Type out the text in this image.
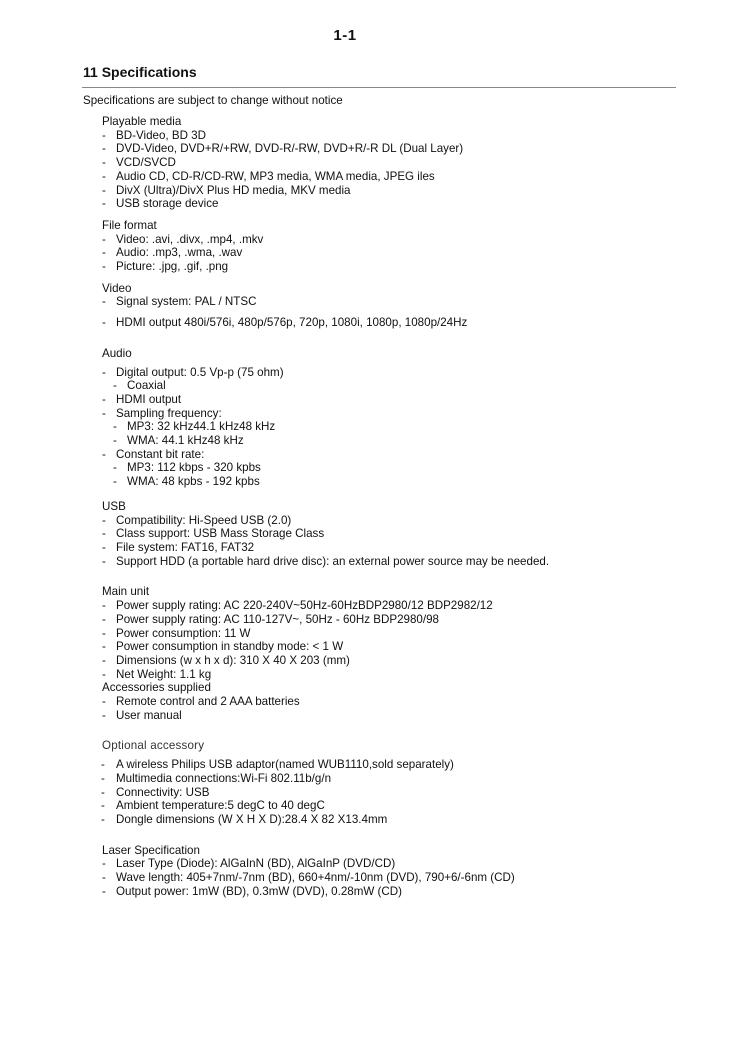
1-1
11 Specifications
Specifications are subject to change without notice
Playable media
- BD-Video, BD 3D
- DVD-Video, DVD+R/+RW, DVD-R/-RW, DVD+R/-R DL (Dual Layer)
- VCD/SVCD
- Audio CD, CD-R/CD-RW, MP3 media, WMA media, JPEG iles
- DivX (Ultra)/DivX Plus HD media, MKV media
- USB storage device
File format
- Video: .avi, .divx, .mp4, .mkv
- Audio: .mp3, .wma, .wav
- Picture: .jpg, .gif, .png
Video
- Signal system: PAL / NTSC
- HDMI output 480i/576i, 480p/576p, 720p, 1080i, 1080p, 1080p/24Hz
Audio
- Digital output: 0.5 Vp-p (75 ohm)
- Coaxial
- HDMI output
- Sampling frequency:
- MP3: 32 kHz44.1 kHz48 kHz
- WMA: 44.1 kHz48 kHz
- Constant bit rate:
- MP3: 112 kbps - 320 kpbs
- WMA: 48 kpbs - 192 kpbs
USB
- Compatibility: Hi-Speed USB (2.0)
- Class support: USB Mass Storage Class
- File system: FAT16, FAT32
- Support HDD (a portable hard drive disc): an external power source may be needed.
Main unit
- Power supply rating: AC 220-240V~50Hz-60HzBDP2980/12 BDP2982/12
- Power supply rating: AC 110-127V~, 50Hz - 60Hz BDP2980/98
- Power consumption: 11 W
- Power consumption in standby mode: < 1 W
- Dimensions (w x h x d): 310 X 40 X 203 (mm)
- Net Weight: 1.1 kg
Accessories supplied
- Remote control and 2 AAA batteries
- User manual
Optional accessory
- A wireless Philips USB adaptor(named WUB1110,sold separately)
- Multimedia connections:Wi-Fi 802.11b/g/n
- Connectivity: USB
- Ambient temperature:5 degC to 40 degC
- Dongle dimensions (W X H X D):28.4 X 82 X13.4mm
Laser Specification
- Laser Type (Diode): AlGaInN (BD), AlGaInP (DVD/CD)
- Wave length: 405+7nm/-7nm (BD), 660+4nm/-10nm (DVD), 790+6/-6nm (CD)
- Output power: 1mW (BD), 0.3mW (DVD), 0.28mW (CD)
